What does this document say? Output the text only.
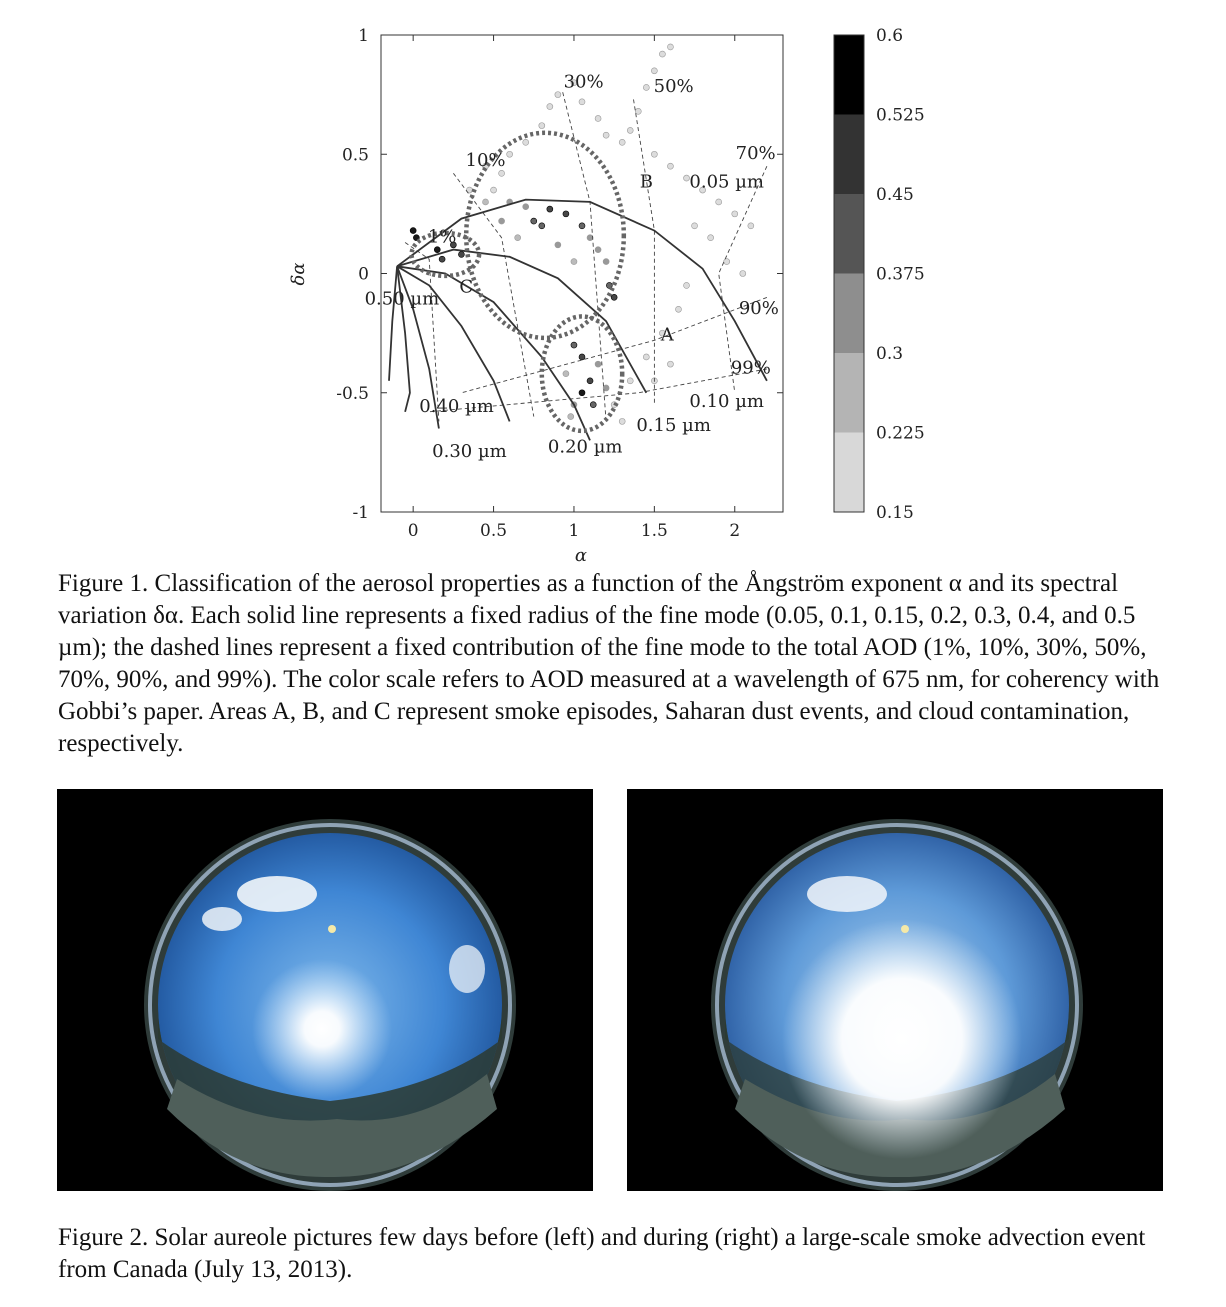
0.05 µm
0.10 µm
0.15 µm
0.20 µm
0.30 µm
0.40 µm
0.50 µm
1%
10%
30%	50%
70%
90%
99%
A
B
C
0	0.5	1	1.5	2
1
0.5
0
-0.5
-1
α
δα
0.6
0.525
0.45
0.375
0.3
0.225
0.15

Figure 1. Classification of the aerosol properties as a function of the Ångström exponent α and its spectral variation δα. Each solid line represents a fixed radius of the fine mode (0.05, 0.1, 0.15, 0.2, 0.3, 0.4, and 0.5 µm); the dashed lines represent a fixed contribution of the fine mode to the total AOD (1%, 10%, 30%, 50%, 70%, 90%, and 99%). The color scale refers to AOD measured at a wavelength of 675 nm, for coherency with Gobbi’s paper. Areas A, B, and C represent smoke episodes, Saharan dust events, and cloud contamination, respectively.

Figure 2. Solar aureole pictures few days before (left) and during (right) a large-scale smoke advection event from Canada (July 13, 2013).
